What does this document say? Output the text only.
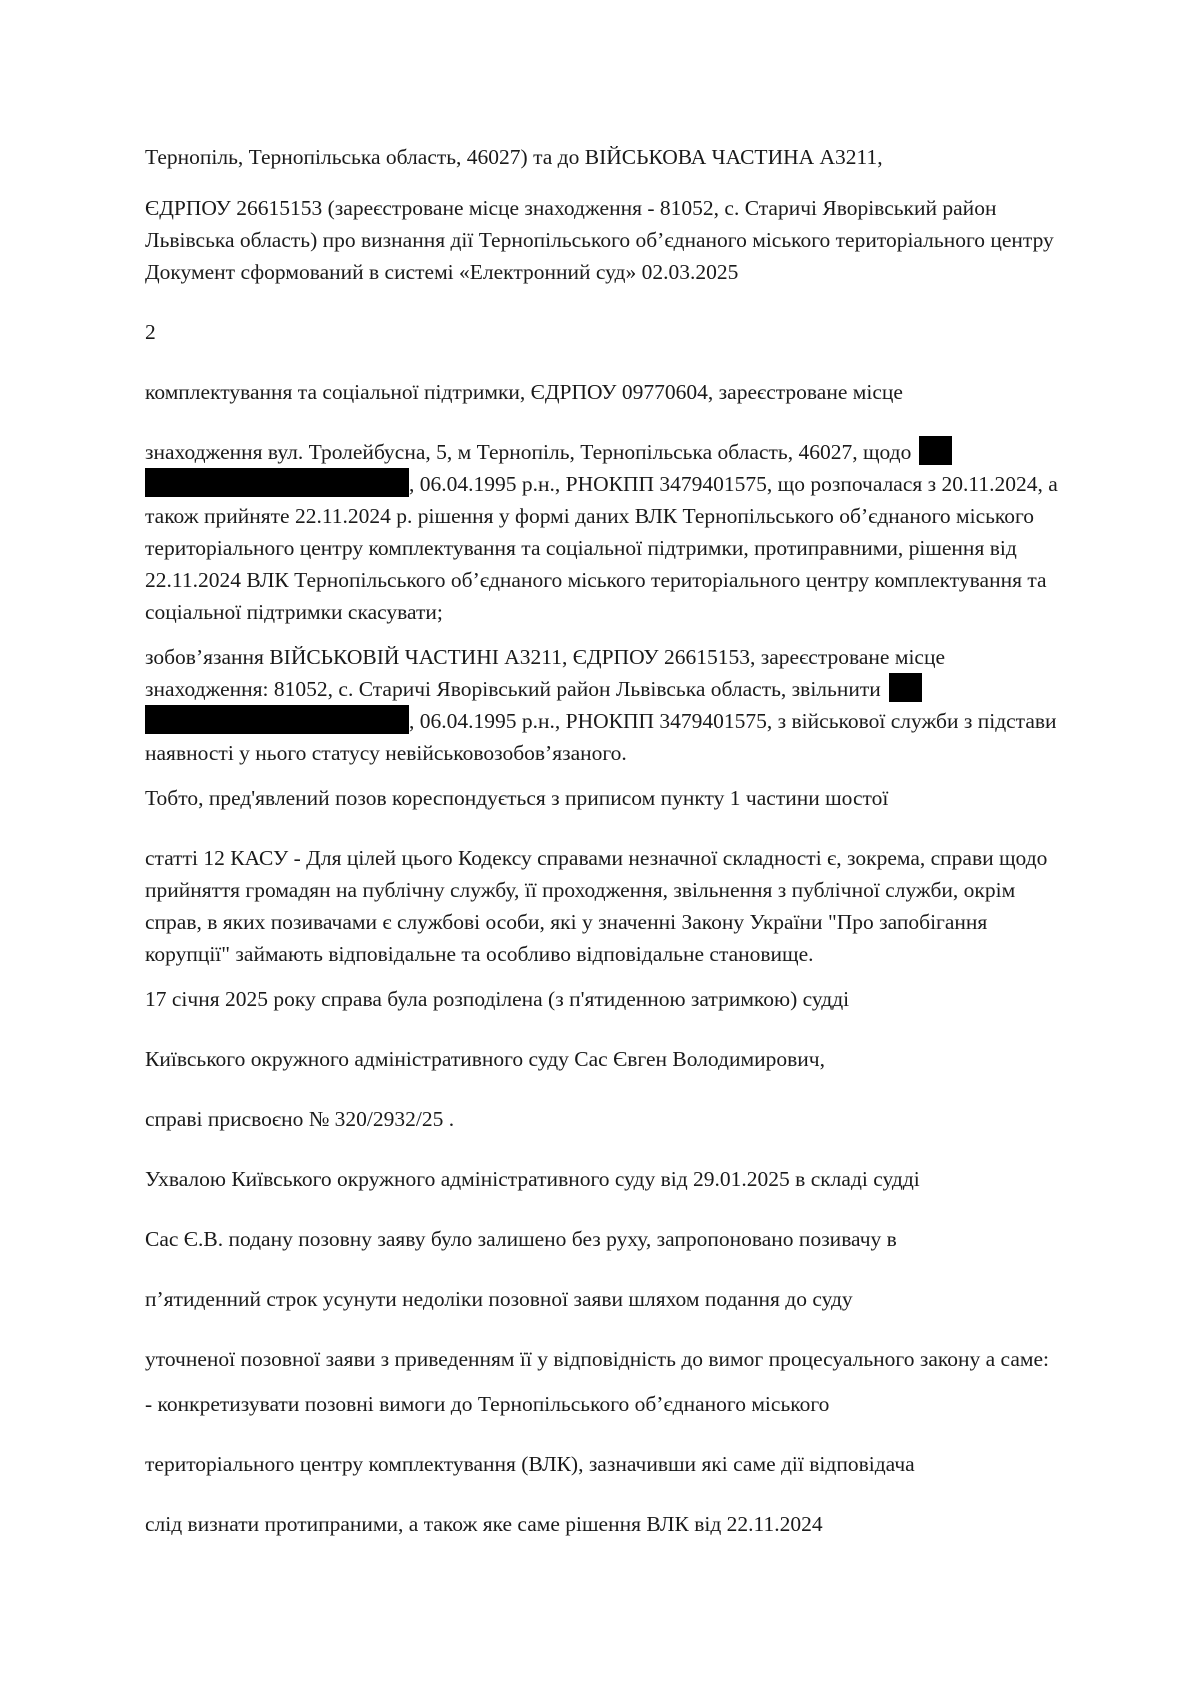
Тернопіль, Тернопільська область, 46027) та до ВІЙСЬКОВА ЧАСТИНА А3211,

ЄДРПОУ 26615153 (зареєстроване місце знаходження - 81052, с. Старичі Яворівський район Львівська область) про визнання дії Тернопільського об’єднаного міського територіального центру Документ сформований в системі «Електронний суд» 02.03.2025

2

комплектування та соціальної підтримки, ЄДРПОУ 09770604, зареєстроване місце

знаходження вул. Тролейбусна, 5, м Тернопіль, Тернопільська область, 46027, щодо
, 06.04.1995 р.н., РНОКПП 3479401575, що розпочалася з 20.11.2024, а також прийняте 22.11.2024 р. рішення у формі даних ВЛК Тернопільського об’єднаного міського територіального центру комплектування та соціальної підтримки, протиправними, рішення від 22.11.2024 ВЛК Тернопільського об’єднаного міського територіального центру комплектування та соціальної підтримки скасувати;

зобов’язання ВІЙСЬКОВІЙ ЧАСТИНІ А3211, ЄДРПОУ 26615153, зареєстроване місце
знаходження: 81052, с. Старичі Яворівський район Львівська область, звільнити
, 06.04.1995 р.н., РНОКПП 3479401575, з військової служби з підстави наявності у нього статусу невійськовозобов’язаного.

Тобто, пред'явлений позов кореспондується з приписом пункту 1 частини шостої

статті 12 КАСУ - Для цілей цього Кодексу справами незначної складності є, зокрема, справи щодо прийняття громадян на публічну службу, її проходження, звільнення з публічної служби, окрім справ, в яких позивачами є службові особи, які у значенні Закону України "Про запобігання корупції" займають відповідальне та особливо відповідальне становище.

17 січня 2025 року справа була розподілена (з п'ятиденною затримкою) судді

Київського окружного адміністративного суду Сас Євген Володимирович,

справі присвоєно № 320/2932/25 .

Ухвалою Київського окружного адміністративного суду від 29.01.2025 в складі судді

Сас Є.В. подану позовну заяву було залишено без руху, запропоновано позивачу в

п’ятиденний строк усунути недоліки позовної заяви шляхом подання до суду

уточненої позовної заяви з приведенням її у відповідність до вимог процесуального закону а саме:

- конкретизувати позовні вимоги до Тернопільського об’єднаного міського

територіального центру комплектування (ВЛК), зазначивши які саме дії відповідача

слід визнати протипраними, а також яке саме рішення ВЛК від 22.11.2024
